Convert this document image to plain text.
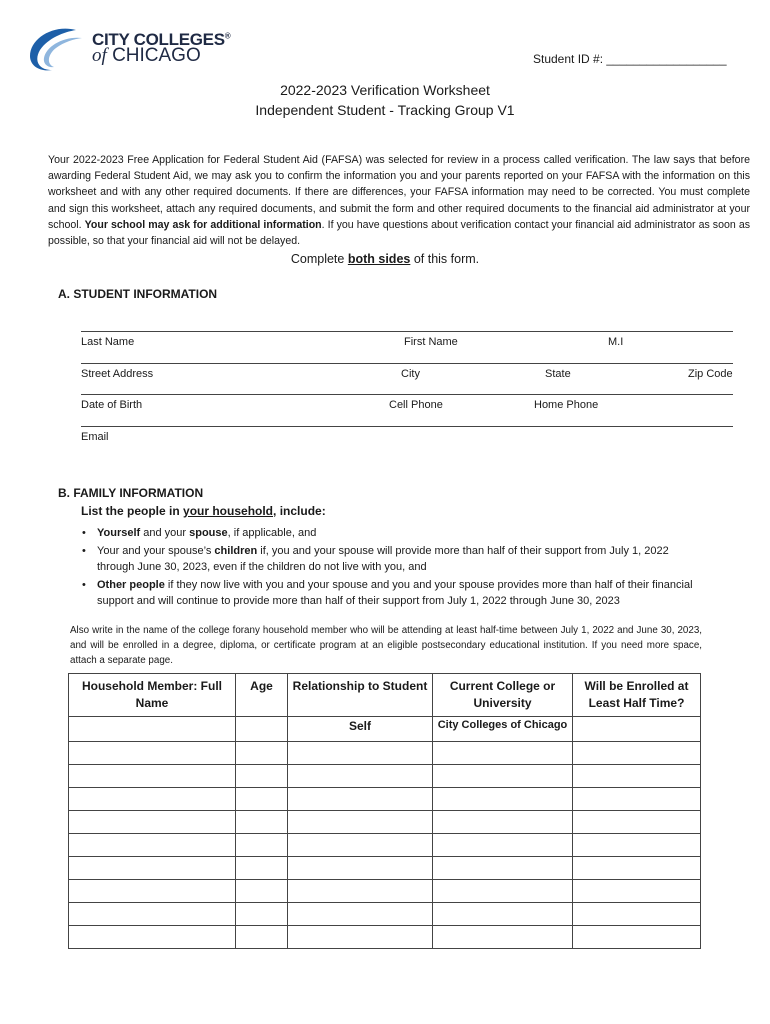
CITY COLLEGES®
of CHICAGO	Student ID #: __________________
2022-2023 Verification Worksheet
Independent Student - Tracking Group V1
Your 2022-2023 Free Application for Federal Student Aid (FAFSA) was selected for review in a process called verification. The law says that before awarding Federal Student Aid, we may ask you to confirm the information you and your parents reported on your FAFSA with the information on this worksheet and with any other required documents. If there are differences, your FAFSA information may need to be corrected. You must complete and sign this worksheet, attach any required documents, and submit the form and other required documents to the financial aid administrator at your school. Your school may ask for additional information. If you have questions about verification contact your financial aid administrator as soon as possible, so that your financial aid will not be delayed.
Complete both sides of this form.
A. STUDENT INFORMATION
Last Name	First Name	M.I
Street Address	City	State	Zip Code
Date of Birth	Cell Phone	Home Phone
Email
B. FAMILY INFORMATION
List the people in your household, include:
• Yourself and your spouse, if applicable, and
• Your and your spouse’s children if, you and your spouse will provide more than half of their support from July 1, 2022 through June 30, 2023, even if the children do not live with you, and
• Other people if they now live with you and your spouse and you and your spouse provides more than half of their financial support and will continue to provide more than half of their support from July 1, 2022 through June 30, 2023
Also write in the name of the college forany household member who will be attending at least half-time between July 1, 2022 and June 30, 2023, and will be enrolled in a degree, diploma, or certificate program at an eligible postsecondary educational institution. If you need more space, attach a separate page.
Household Member: Full Name	Age	Relationship to Student	Current College or University	Will be Enrolled at Least Half Time?
		Self	City Colleges of Chicago	
